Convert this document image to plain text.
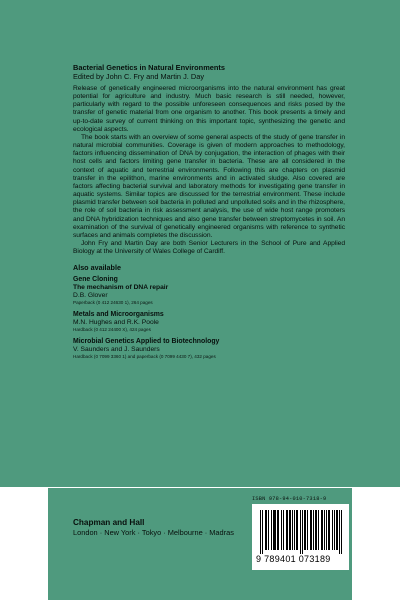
Bacterial Genetics in Natural Environments

Edited by John C. Fry and Martin J. Day

Release of genetically engineered microorganisms into the natural environment has great potential for agriculture and industry. Much basic research is still needed, however, particularly with regard to the possible unforeseen consequences and risks posed by the transfer of genetic material from one organism to another. This book presents a timely and up-to-date survey of current thinking on this important topic, synthesizing the genetic and ecological aspects.

The book starts with an overview of some general aspects of the study of gene transfer in natural microbial communities. Coverage is given of modern approaches to methodology, factors influencing dissemination of DNA by conjugation, the interaction of phages with their host cells and factors limiting gene transfer in bacteria. These are all considered in the context of aquatic and terrestrial environments. Following this are chapters on plasmid transfer in the epilithon, marine environments and in activated sludge. Also covered are factors affecting bacterial survival and laboratory methods for investigating gene transfer in aquatic systems. Similar topics are discussed for the terrestrial environment. These include plasmid transfer between soil bacteria in polluted and unpolluted soils and in the rhizosphere, the role of soil bacteria in risk assessment analysis, the use of wide host range promoters and DNA hybridization techniques and also gene transfer between streptomycetes in soil. An examination of the survival of genetically engineered organisms with reference to synthetic surfaces and animals completes the discussion.

John Fry and Martin Day are both Senior Lecturers in the School of Pure and Applied Biology at the University of Wales College of Cardiff.

Also available

Gene Cloning

The mechanism of DNA repair

D.B. Glover

Paperback (0 412 24630 1), 264 pages

Metals and Microorganisms

M.N. Hughes and R.K. Poole

Hardback (0 412 24400 X), 424 pages

Microbial Genetics Applied to Biotechnology

V. Saunders and J. Saunders

Hardback (0 7099 3360 1) and paperback (0 7099 4430 7), 432 pages

Chapman and Hall

London · New York · Tokyo · Melbourne · Madras

ISBN 978-94-010-7318-9
9 789401 073189
